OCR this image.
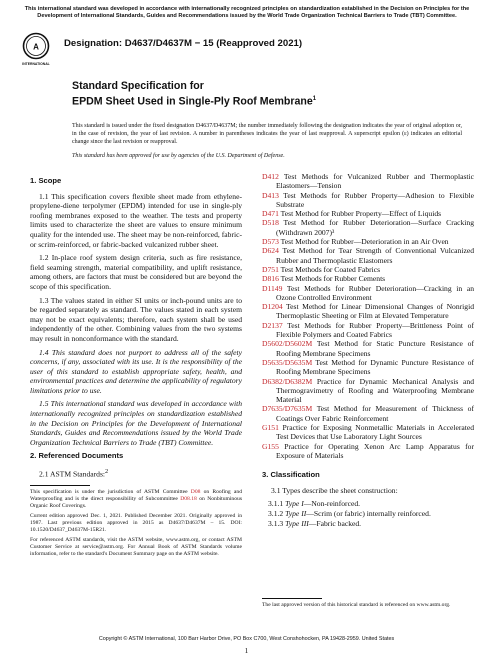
This international standard was developed in accordance with internationally recognized principles on standardization established in the Decision on Principles for the Development of International Standards, Guides and Recommendations issued by the World Trade Organization Technical Barriers to Trade (TBT) Committee.
A
INTERNATIONAL
Designation: D4637/D4637M − 15 (Reapproved 2021)
Standard Specification for
EPDM Sheet Used in Single-Ply Roof Membrane$^1$
This standard is issued under the fixed designation D4637/D4637M; the number immediately following the designation indicates the year of original adoption or, in the case of revision, the year of last revision. A number in parentheses indicates the year of last reapproval. A superscript epsilon (ε) indicates an editorial change since the last revision or reapproval.
This standard has been approved for use by agencies of the U.S. Department of Defense.
1. Scope

1.1 This specification covers flexible sheet made from ethylene-propylene-diene terpolymer (EPDM) intended for use in single-ply roofing membranes exposed to the weather. The tests and property limits used to characterize the sheet are values to ensure minimum quality for the intended use. The sheet may be non-reinforced, fabric- or scrim-reinforced, or fabric-backed vulcanized rubber sheet.

1.2 In-place roof system design criteria, such as fire resistance, field seaming strength, material compatibility, and uplift resistance, among others, are factors that must be considered but are beyond the scope of this specification.

1.3 The values stated in either SI units or inch-pound units are to be regarded separately as standard. The values stated in each system may not be exact equivalents; therefore, each system shall be used independently of the other. Combining values from the two systems may result in nonconformance with the standard.

1.4 This standard does not purport to address all of the safety concerns, if any, associated with its use. It is the responsibility of the user of this standard to establish appropriate safety, health, and environmental practices and determine the applicability of regulatory limitations prior to use.

1.5 This international standard was developed in accordance with internationally recognized principles on standardization established in the Decision on Principles for the Development of International Standards, Guides and Recommendations issued by the World Trade Organization Technical Barriers to Trade (TBT) Committee.

2. Referenced Documents

2.1 ASTM Standards:$^2$

This specification is under the jurisdiction of ASTM Committee D08 on Roofing and Waterproofing and is the direct responsibility of Subcommittee D08.18 on Nonbituminous Organic Roof Coverings.

Current edition approved Dec. 1, 2021. Published December 2021. Originally approved in 1987. Last previous edition approved in 2015 as D4637/D4637M – 15. DOI: 10.1520/D4637_D4637M-15R21.

For referenced ASTM standards, visit the ASTM website, www.astm.org, or contact ASTM Customer Service at service@astm.org. For Annual Book of ASTM Standards volume information, refer to the standard's Document Summary page on the ASTM website.

D412 Test Methods for Vulcanized Rubber and Thermoplastic Elastomers—Tension

D413 Test Methods for Rubber Property—Adhesion to Flexible Substrate

D471 Test Method for Rubber Property—Effect of Liquids

D518 Test Method for Rubber Deterioration—Surface Cracking (Withdrawn 2007)³

D573 Test Method for Rubber—Deterioration in an Air Oven

D624 Test Method for Tear Strength of Conventional Vulcanized Rubber and Thermoplastic Elastomers

D751 Test Methods for Coated Fabrics

D816 Test Methods for Rubber Cements

D1149 Test Methods for Rubber Deterioration—Cracking in an Ozone Controlled Environment

D1204 Test Method for Linear Dimensional Changes of Nonrigid Thermoplastic Sheeting or Film at Elevated Temperature

D2137 Test Methods for Rubber Property—Brittleness Point of Flexible Polymers and Coated Fabrics

D5602/D5602M Test Method for Static Puncture Resistance of Roofing Membrane Specimens

D5635/D5635M Test Method for Dynamic Puncture Resistance of Roofing Membrane Specimens

D6382/D6382M Practice for Dynamic Mechanical Analysis and Thermogravimetry of Roofing and Waterproofing Membrane Material

D7635/D7635M Test Method for Measurement of Thickness of Coatings Over Fabric Reinforcement

G151 Practice for Exposing Nonmetallic Materials in Accelerated Test Devices that Use Laboratory Light Sources

G155 Practice for Operating Xenon Arc Lamp Apparatus for Exposure of Materials

3. Classification

3.1 Types describe the sheet construction:

3.1.1 Type I—Non-reinforced.

3.1.2 Type II—Scrim (or fabric) internally reinforced.

3.1.3 Type III—Fabric backed.

The last approved version of this historical standard is referenced on www.astm.org.

Copyright © ASTM International, 100 Barr Harbor Drive, PO Box C700, West Conshohocken, PA 19428-2959. United States
1
